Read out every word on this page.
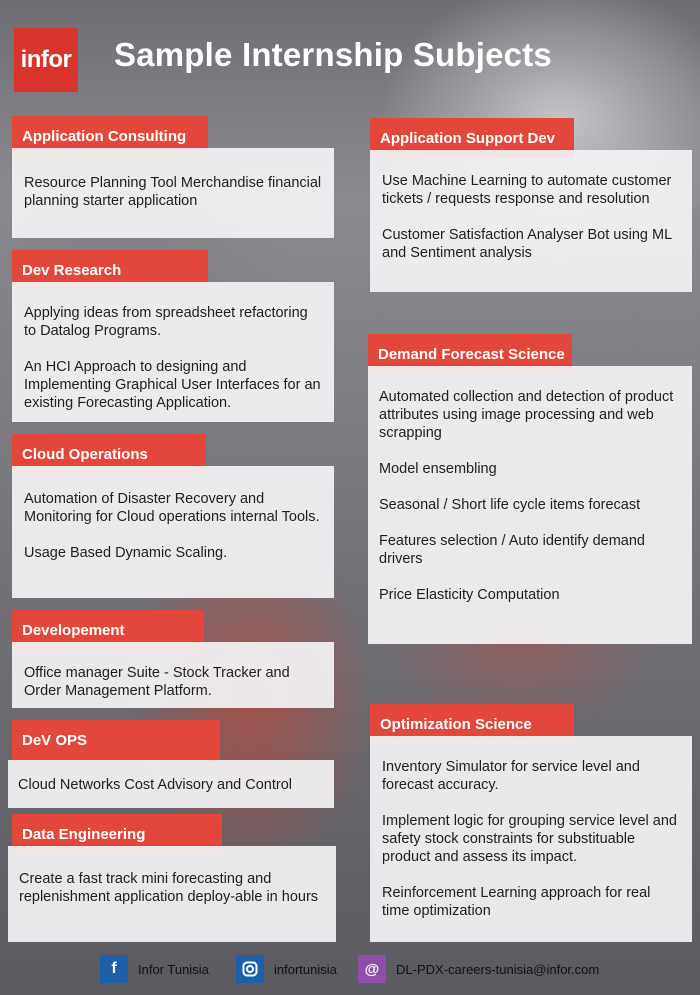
infor Sample Internship Subjects
Application Consulting

Resource Planning Tool Merchandise financial planning starter application

Dev Research

Applying ideas from spreadsheet refactoring to Datalog Programs.

An HCI Approach to designing and Implementing Graphical User Interfaces for an existing Forecasting Application.

Cloud Operations

Automation of Disaster Recovery and Monitoring for Cloud operations internal Tools.

Usage Based Dynamic Scaling.

Developement

Office manager Suite - Stock Tracker and Order Management Platform.

DeV OPS

Cloud Networks Cost Advisory and Control

Data Engineering

Create a fast track mini forecasting and replenishment application deploy-able in hours

Application Support Dev

Use Machine Learning to automate customer tickets / requests response and resolution

Customer Satisfaction Analyser Bot using ML and Sentiment analysis

Demand Forecast Science

Automated collection and detection of product attributes using image processing and web scrapping

Model ensembling

Seasonal / Short life cycle items forecast

Features selection / Auto identify demand drivers

Price Elasticity Computation

Optimization Science

Inventory Simulator for service level and forecast accuracy.

Implement logic for grouping service level and safety stock constraints for substituable product and assess its impact.

Reinforcement Learning approach for real time optimization

f	Infor Tunisia	infortunisia	@	DL-PDX-careers-tunisia@infor.com
